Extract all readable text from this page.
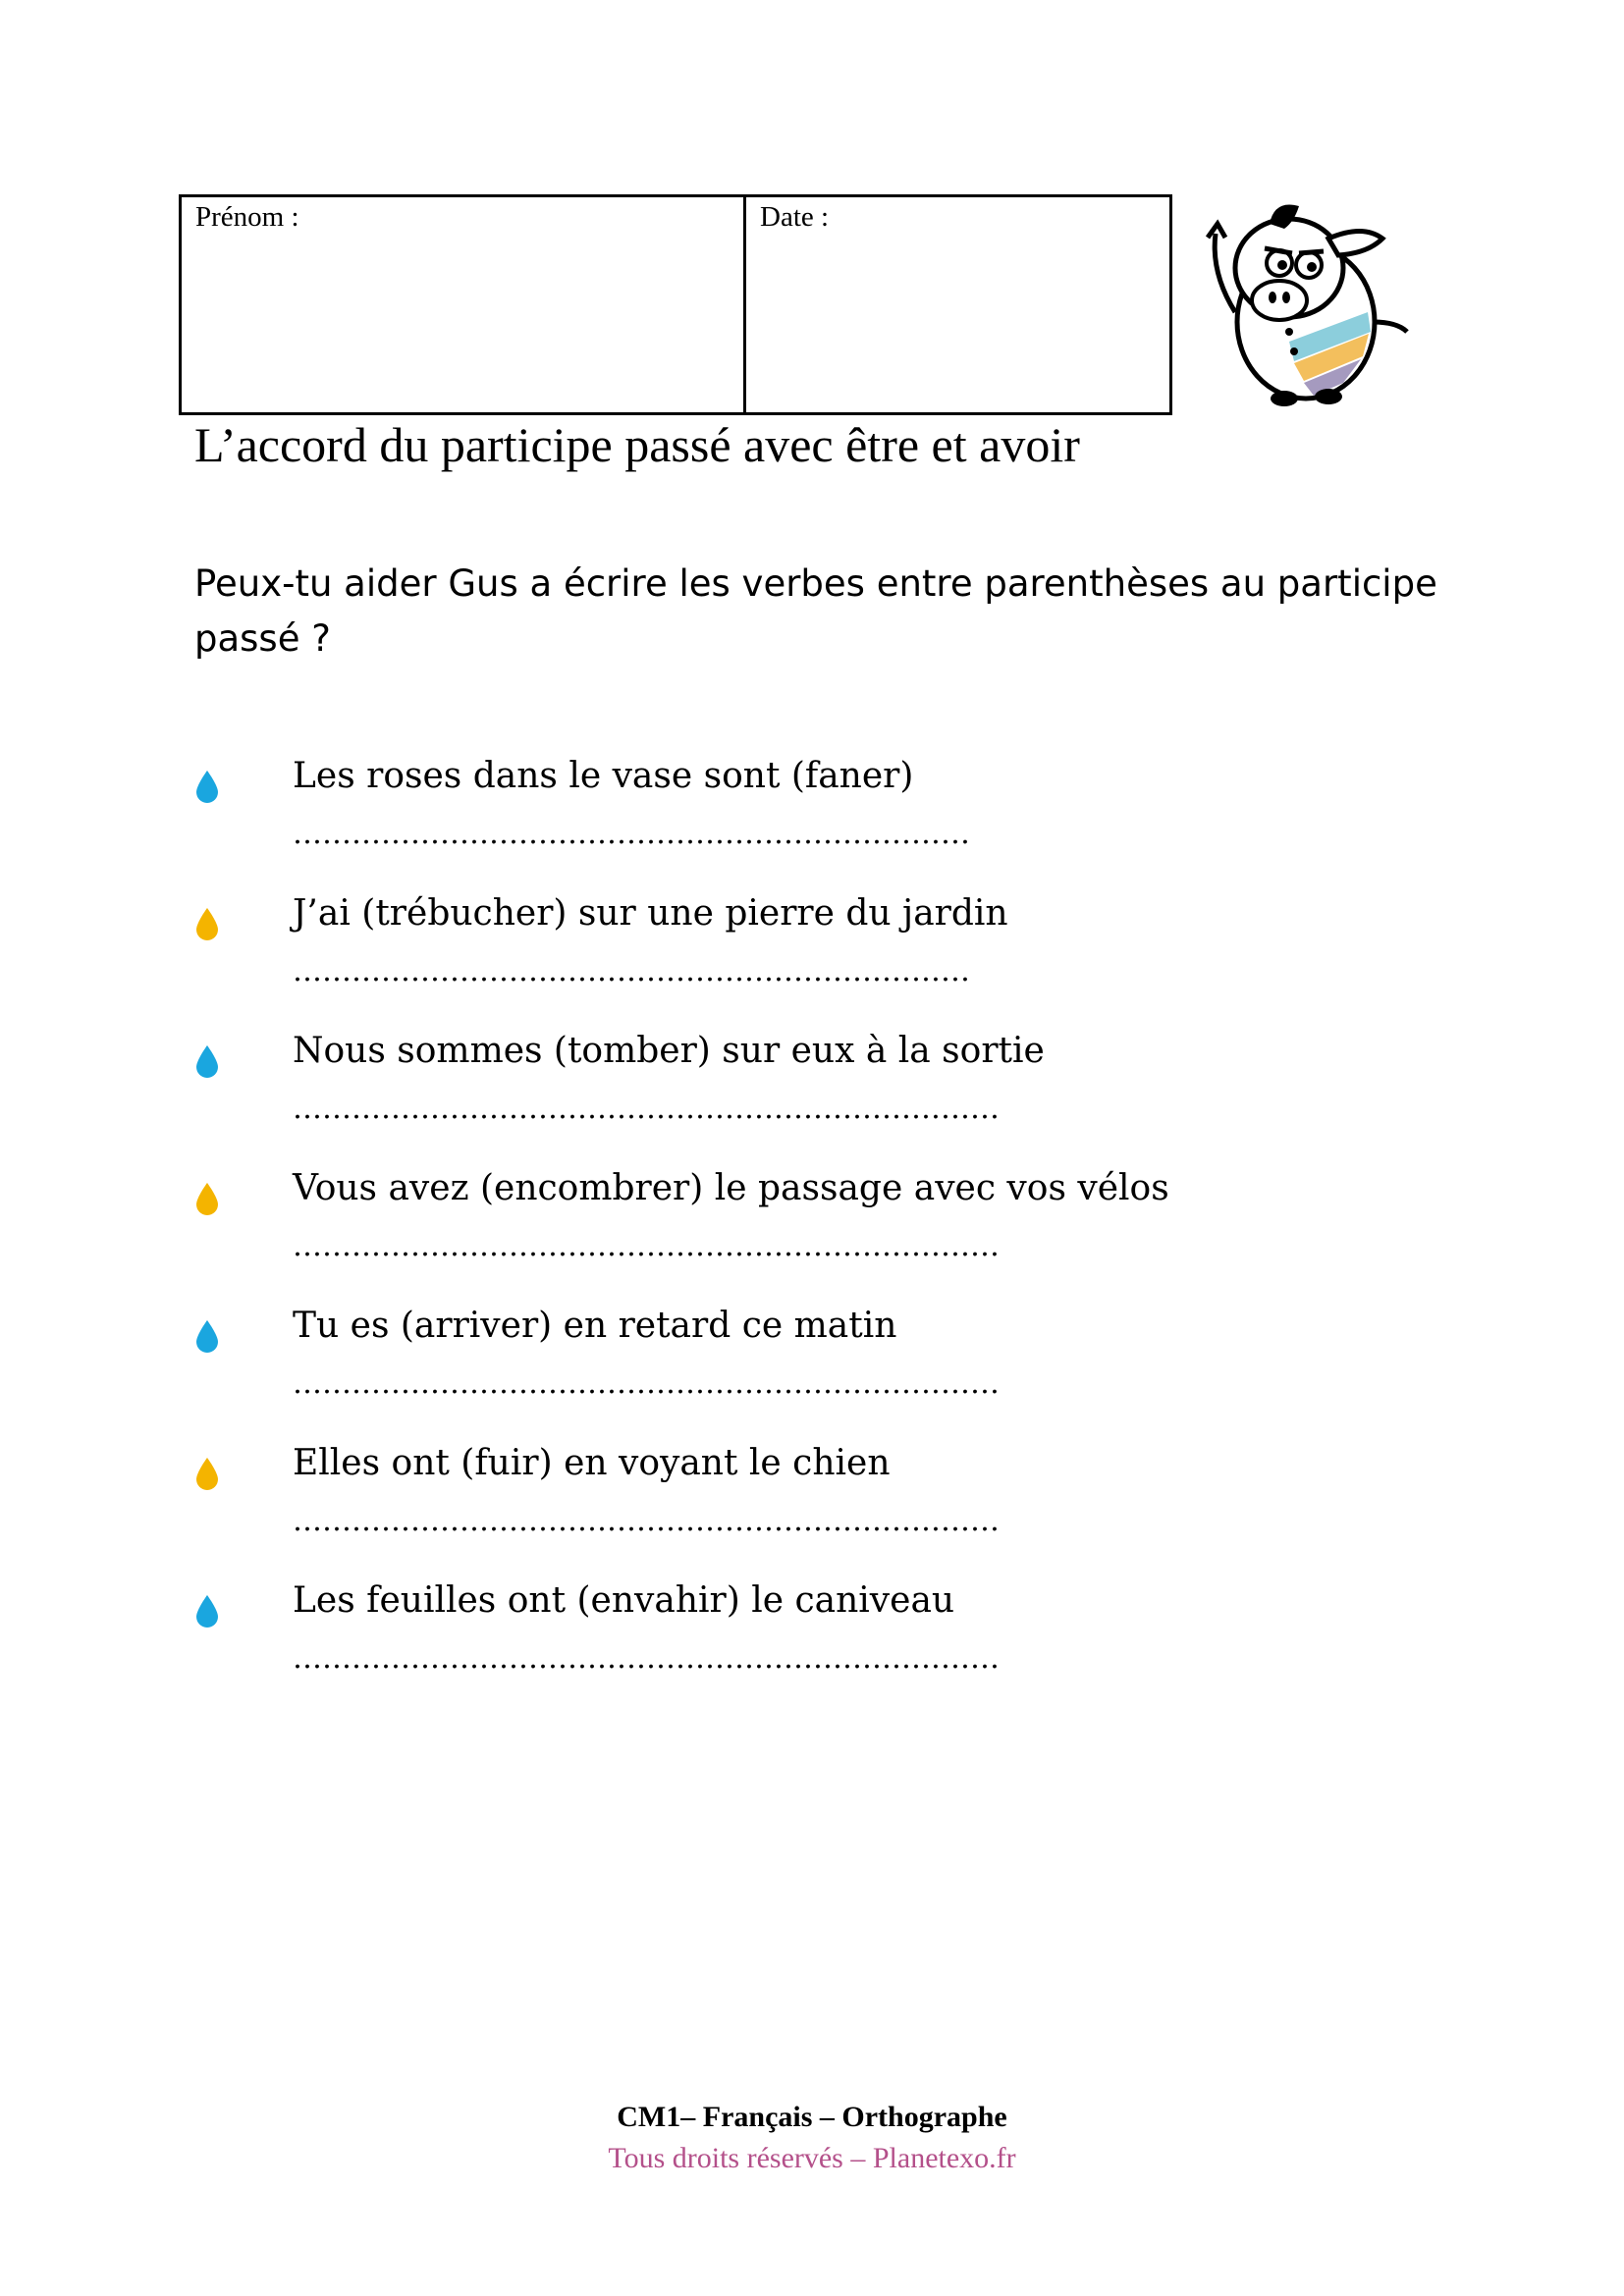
Prénom :	Date :
L’accord du participe passé avec être et avoir
Peux-tu aider Gus a écrire les verbes entre parenthèses au participe passé ?
Les roses dans le vase sont (faner)
……………………………………………………………
J’ai (trébucher) sur une pierre du jardin
……………………………………………………………
Nous sommes (tomber) sur eux à la sortie
………………………………………………………………
Vous avez (encombrer) le passage avec vos vélos
………………………………………………………………
Tu es (arriver) en retard ce matin
………………………………………………………………
Elles ont (fuir) en voyant le chien
………………………………………………………………
Les feuilles ont (envahir) le caniveau
………………………………………………………………
CM1– Français – Orthographe
Tous droits réservés – Planetexo.fr
